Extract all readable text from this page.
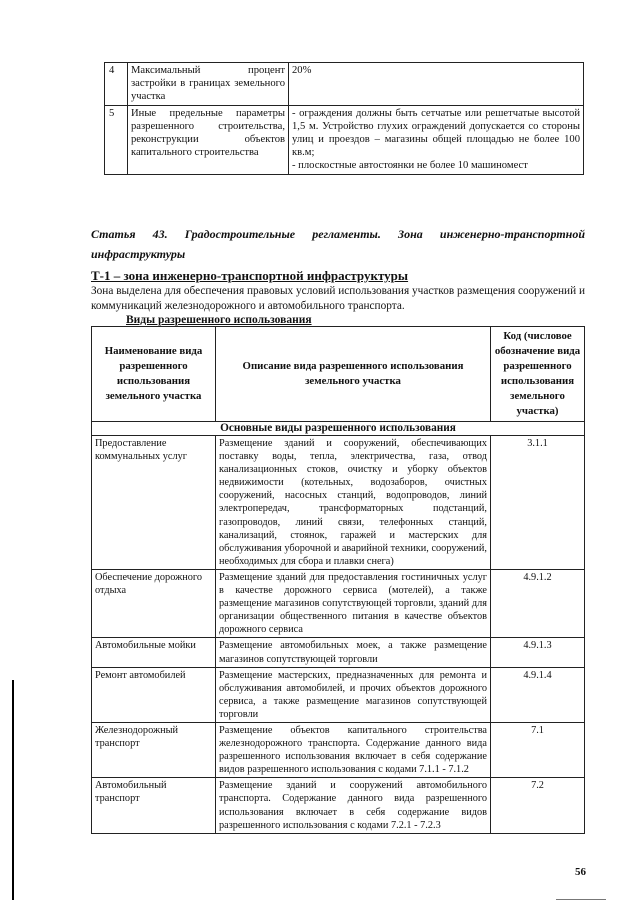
4	Максимальный процент застройки в границах земельного участка	20%
5	Иные предельные параметры разрешенного строительства, реконструкции объектов капитального строительства	- ограждения должны быть сетчатые или решетчатые высотой 1,5 м. Устройство глухих ограждений допускается со стороны улиц и проездов – магазины общей площадью не более 100 кв.м;
- плоскостные автостоянки не более 10 машиномест
Статья 43. Градостроительные регламенты. Зона инженерно-транспортной инфраструктуры
Т-1 – зона инженерно-транспортной инфраструктуры
Зона выделена для обеспечения правовых условий использования участков размещения сооружений и коммуникаций железнодорожного и автомобильного транспорта.
Виды разрешенного использования
Наименование вида разрешенного использования земельного участка	Описание вида разрешенного использования земельного участка	Код (числовое обозначение вида разрешенного использования земельного участка)
Основные виды разрешенного использования		
Предоставление коммунальных услуг	Размещение зданий и сооружений, обеспечивающих поставку воды, тепла, электричества, газа, отвод канализационных стоков, очистку и уборку объектов недвижимости (котельных, водозаборов, очистных сооружений, насосных станций, водопроводов, линий электропередач, трансформаторных подстанций, газопроводов, линий связи, телефонных станций, канализаций, стоянок, гаражей и мастерских для обслуживания уборочной и аварийной техники, сооружений, необходимых для сбора и плавки снега)	3.1.1
Обеспечение дорожного отдыха	Размещение зданий для предоставления гостиничных услуг в качестве дорожного сервиса (мотелей), а также размещение магазинов сопутствующей торговли, зданий для организации общественного питания в качестве объектов дорожного сервиса	4.9.1.2
Автомобильные мойки	Размещение автомобильных моек, а также размещение магазинов сопутствующей торговли	4.9.1.3
Ремонт автомобилей	Размещение мастерских, предназначенных для ремонта и обслуживания автомобилей, и прочих объектов дорожного сервиса, а также размещение магазинов сопутствующей торговли	4.9.1.4
Железнодорожный транспорт	Размещение объектов капитального строительства железнодорожного транспорта. Содержание данного вида разрешенного использования включает в себя содержание видов разрешенного использования с кодами 7.1.1 - 7.1.2	7.1
Автомобильный транспорт	Размещение зданий и сооружений автомобильного транспорта. Содержание данного вида разрешенного использования включает в себя содержание видов разрешенного использования с кодами 7.2.1 - 7.2.3	7.2
56
